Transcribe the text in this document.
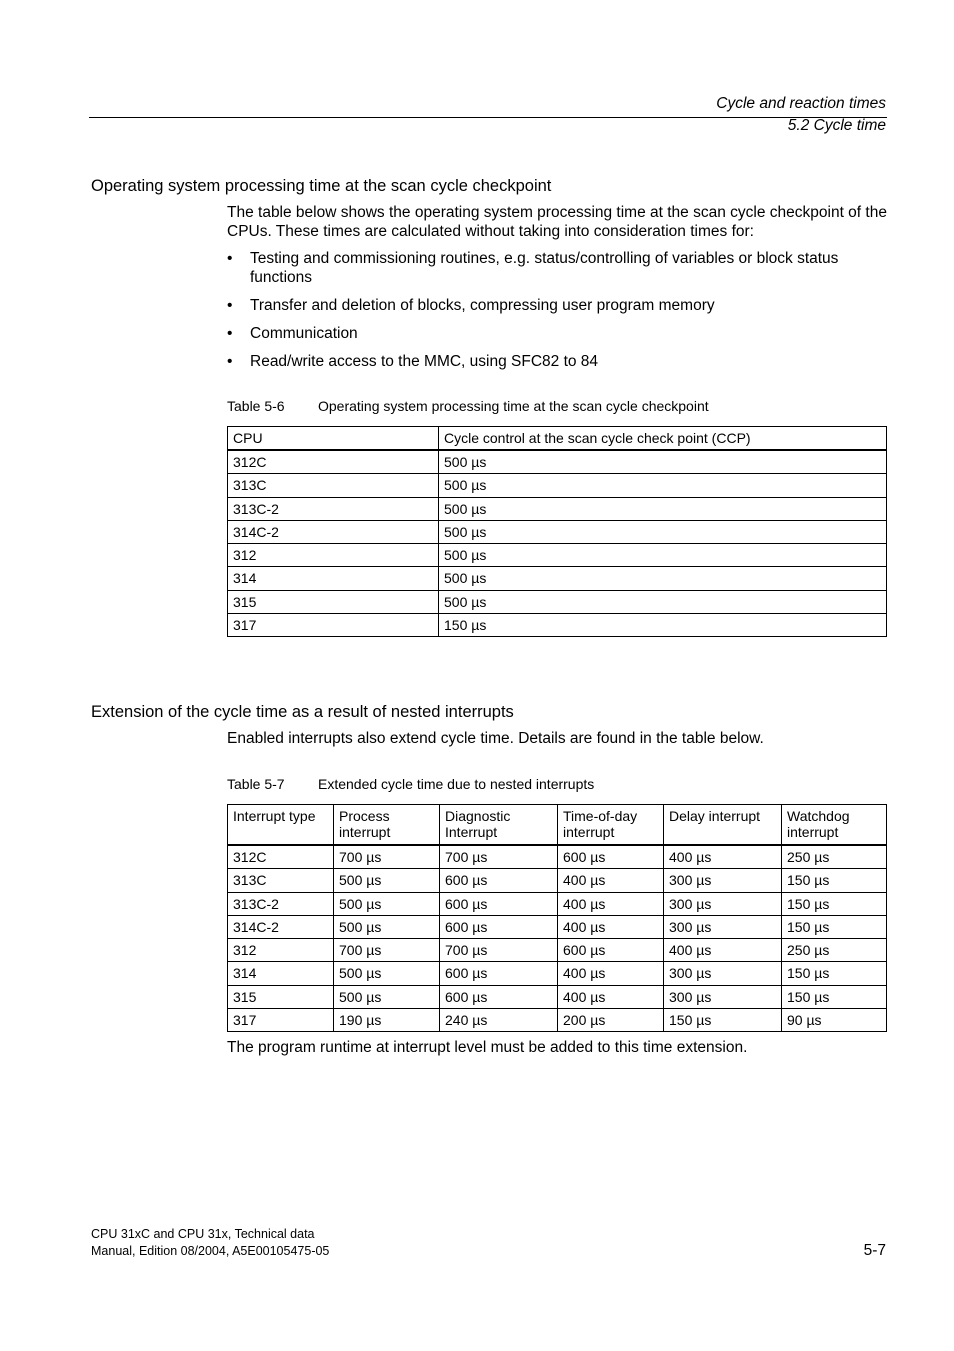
Cycle and reaction times
5.2 Cycle time
Operating system processing time at the scan cycle checkpoint
The table below shows the operating system processing time at the scan cycle checkpoint of the CPUs. These times are calculated without taking into consideration times for:
• Testing and commissioning routines, e.g. status/controlling of variables or block status functions
• Transfer and deletion of blocks, compressing user program memory
• Communication
• Read/write access to the MMC, using SFC82 to 84
Table 5-6 Operating system processing time at the scan cycle checkpoint
CPU	Cycle control at the scan cycle check point (CCP)
312C	500 µs
313C	500 µs
313C-2	500 µs
314C-2	500 µs
312	500 µs
314	500 µs
315	500 µs
317	150 µs
Extension of the cycle time as a result of nested interrupts
Enabled interrupts also extend cycle time. Details are found in the table below.
Table 5-7 Extended cycle time due to nested interrupts
Interrupt type	Process interrupt	Diagnostic Interrupt	Time-of-day interrupt	Delay interrupt	Watchdog interrupt
312C	700 µs	700 µs	600 µs	400 µs	250 µs
313C	500 µs	600 µs	400 µs	300 µs	150 µs
313C-2	500 µs	600 µs	400 µs	300 µs	150 µs
314C-2	500 µs	600 µs	400 µs	300 µs	150 µs
312	700 µs	700 µs	600 µs	400 µs	250 µs
314	500 µs	600 µs	400 µs	300 µs	150 µs
315	500 µs	600 µs	400 µs	300 µs	150 µs
317	190 µs	240 µs	200 µs	150 µs	90 µs
The program runtime at interrupt level must be added to this time extension.
CPU 31xC and CPU 31x, Technical data
Manual, Edition 08/2004, A5E00105475-05	5-7
